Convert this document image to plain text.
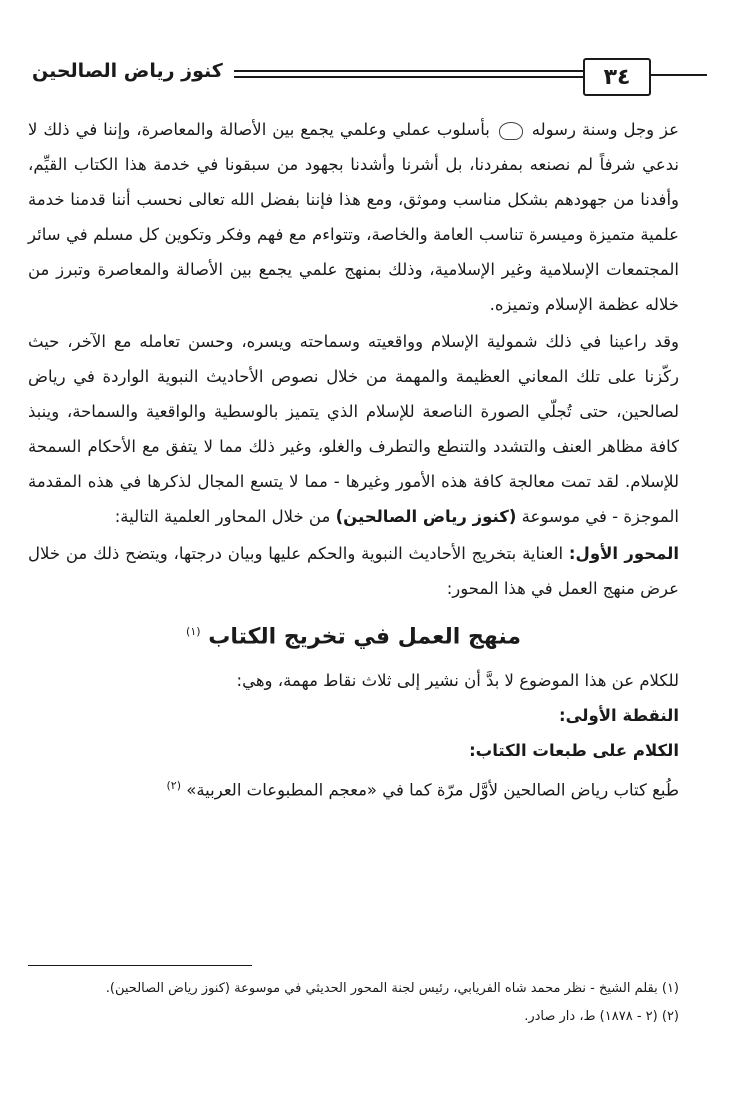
٣٤
كنوز رياض الصالحين

عز وجل وسنة رسوله  بأسلوب عملي وعلمي يجمع بين الأصالة والمعاصرة، وإننا في ذلك لا ندعي شرفاً لم نصنعه بمفردنا، بل أشرنا وأشدنا بجهود من سبقونا في خدمة هذا الكتاب القيِّم، وأفدنا من جهودهم بشكل مناسب وموثق، ومع هذا فإننا بفضل الله تعالى نحسب أننا قدمنا خدمة علمية متميزة وميسرة تناسب العامة والخاصة، وتتواءم مع فهم وفكر وتكوين كل مسلم في سائر المجتمعات الإسلامية وغير الإسلامية، وذلك بمنهج علمي يجمع بين الأصالة والمعاصرة وتبرز من خلاله عظمة الإسلام وتميزه.

وقد راعينا في ذلك شمولية الإسلام وواقعيته وسماحته ويسره، وحسن تعامله مع الآخر، حيث ركّزنا على تلك المعاني العظيمة والمهمة من خلال نصوص الأحاديث النبوية الواردة في رياض لصالحين، حتى تُجلّي الصورة الناصعة للإسلام الذي يتميز بالوسطية والواقعية والسماحة، وينبذ كافة مظاهر العنف والتشدد والتنطع والتطرف والغلو، وغير ذلك مما لا يتفق مع الأحكام السمحة للإسلام. لقد تمت معالجة كافة هذه الأمور وغيرها - مما لا يتسع المجال لذكرها في هذه المقدمة الموجزة - في موسوعة (كنوز رياض الصالحين) من خلال المحاور العلمية التالية:

المحور الأول: العناية بتخريج الأحاديث النبوية والحكم عليها وبيان درجتها، ويتضح ذلك من خلال عرض منهج العمل في هذا المحور:

منهج العمل في تخريج الكتاب $^{(١)}$

للكلام عن هذا الموضوع لا بدَّ أن نشير إلى ثلاث نقاط مهمة، وهي:

النقطة الأولى:

الكلام على طبعات الكتاب:

طُبع كتاب رياض الصالحين لأوَّل مرّة كما في «معجم المطبوعات العربية» $^{(٢)}$

(١) بقلم الشيخ - نظر محمد شاه الفريابي، رئيس لجنة المحور الحديثي في موسوعة (كنوز رياض الصالحين).

(٢) (٢ - ١٨٧٨) ط، دار صادر.
